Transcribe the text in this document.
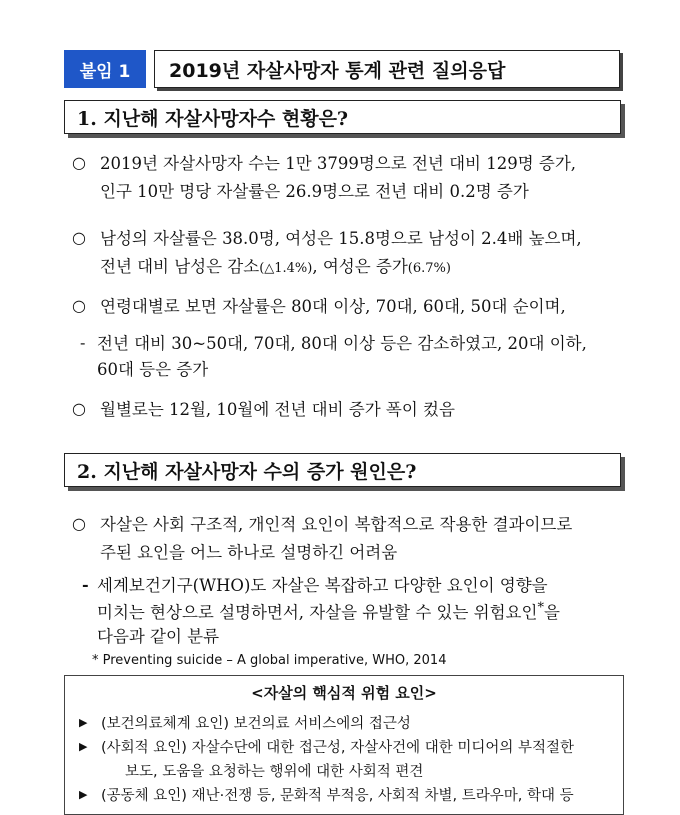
붙임 1	2019년 자살사망자 통계 관련 질의응답
1. 지난해 자살사망자수 현황은?
○ 2019년 자살사망자 수는 1만 3799명으로 전년 대비 129명 증가,
인구 10만 명당 자살률은 26.9명으로 전년 대비 0.2명 증가
○ 남성의 자살률은 38.0명, 여성은 15.8명으로 남성이 2.4배 높으며,
전년 대비 남성은 감소(△1.4%), 여성은 증가(6.7%)
○ 연령대별로 보면 자살률은 80대 이상, 70대, 60대, 50대 순이며,
- 전년 대비 30~50대, 70대, 80대 이상 등은 감소하였고, 20대 이하,
60대 등은 증가
○ 월별로는 12월, 10월에 전년 대비 증가 폭이 컸음
2. 지난해 자살사망자 수의 증가 원인은?
○ 자살은 사회 구조적, 개인적 요인이 복합적으로 작용한 결과이므로
주된 요인을 어느 하나로 설명하긴 어려움
- 세계보건기구(WHO)도 자살은 복잡하고 다양한 요인이 영향을
미치는 현상으로 설명하면서, 자살을 유발할 수 있는 위험요인*을
다음과 같이 분류
* Preventing suicide – A global imperative, WHO, 2014
<자살의 핵심적 위험 요인>
▶ (보건의료체계 요인) 보건의료 서비스에의 접근성
▶ (사회적 요인) 자살수단에 대한 접근성, 자살사건에 대한 미디어의 부적절한
보도, 도움을 요청하는 행위에 대한 사회적 편견
▶ (공동체 요인) 재난·전쟁 등, 문화적 부적응, 사회적 차별, 트라우마, 학대 등
